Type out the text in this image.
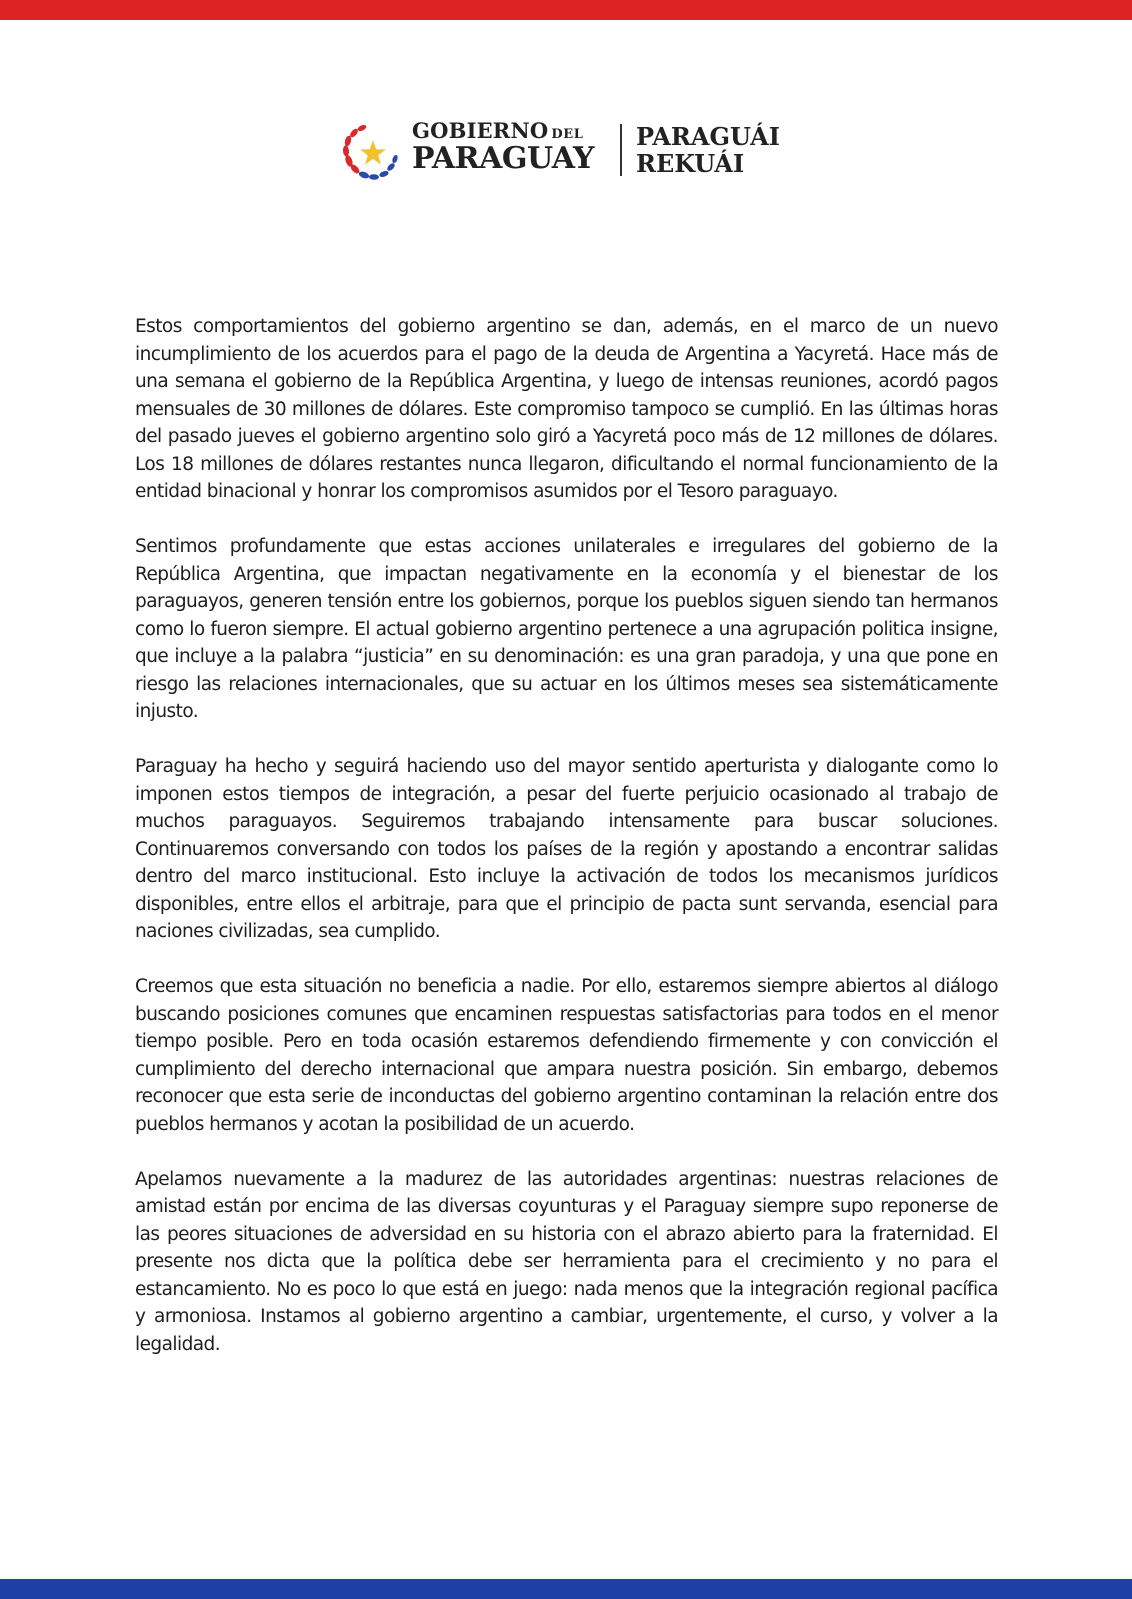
GOBIERNO DEL
PARAGUAY
PARAGUÁI
REKUÁI

Estos comportamientos del gobierno argentino se dan, además, en el marco de un nuevo incumplimiento de los acuerdos para el pago de la deuda de Argentina a Yacyretá. Hace más de una semana el gobierno de la República Argentina, y luego de intensas reuniones, acordó pagos mensuales de 30 millones de dólares. Este compromiso tampoco se cumplió. En las últimas horas del pasado jueves el gobierno argentino solo giró a Yacyretá poco más de 12 millones de dólares. Los 18 millones de dólares restantes nunca llegaron, dificultando el normal funcionamiento de la entidad binacional y honrar los compromisos asumidos por el Tesoro paraguayo.

Sentimos profundamente que estas acciones unilaterales e irregulares del gobierno de la República Argentina, que impactan negativamente en la economía y el bienestar de los paraguayos, generen tensión entre los gobiernos, porque los pueblos siguen siendo tan hermanos como lo fueron siempre. El actual gobierno argentino pertenece a una agrupación politica insigne, que incluye a la palabra “justicia” en su denominación: es una gran paradoja, y una que pone en riesgo las relaciones internacionales, que su actuar en los últimos meses sea sistemáticamente injusto.

Paraguay ha hecho y seguirá haciendo uso del mayor sentido aperturista y dialogante como lo imponen estos tiempos de integración, a pesar del fuerte perjuicio ocasionado al trabajo de muchos paraguayos. Seguiremos trabajando intensamente para buscar soluciones. Continuaremos conversando con todos los países de la región y apostando a encontrar salidas dentro del marco institucional. Esto incluye la activación de todos los mecanismos jurídicos disponibles, entre ellos el arbitraje, para que el principio de pacta sunt servanda, esencial para naciones civilizadas, sea cumplido.

Creemos que esta situación no beneficia a nadie. Por ello, estaremos siempre abiertos al diálogo buscando posiciones comunes que encaminen respuestas satisfactorias para todos en el menor tiempo posible. Pero en toda ocasión estaremos defendiendo firmemente y con convicción el cumplimiento del derecho internacional que ampara nuestra posición. Sin embargo, debemos reconocer que esta serie de inconductas del gobierno argentino contaminan la relación entre dos pueblos hermanos y acotan la posibilidad de un acuerdo.

Apelamos nuevamente a la madurez de las autoridades argentinas: nuestras relaciones de amistad están por encima de las diversas coyunturas y el Paraguay siempre supo reponerse de las peores situaciones de adversidad en su historia con el abrazo abierto para la fraternidad. El presente nos dicta que la política debe ser herramienta para el crecimiento y no para el estancamiento. No es poco lo que está en juego: nada menos que la integración regional pacífica y armoniosa. Instamos al gobierno argentino a cambiar, urgentemente, el curso, y volver a la legalidad.
